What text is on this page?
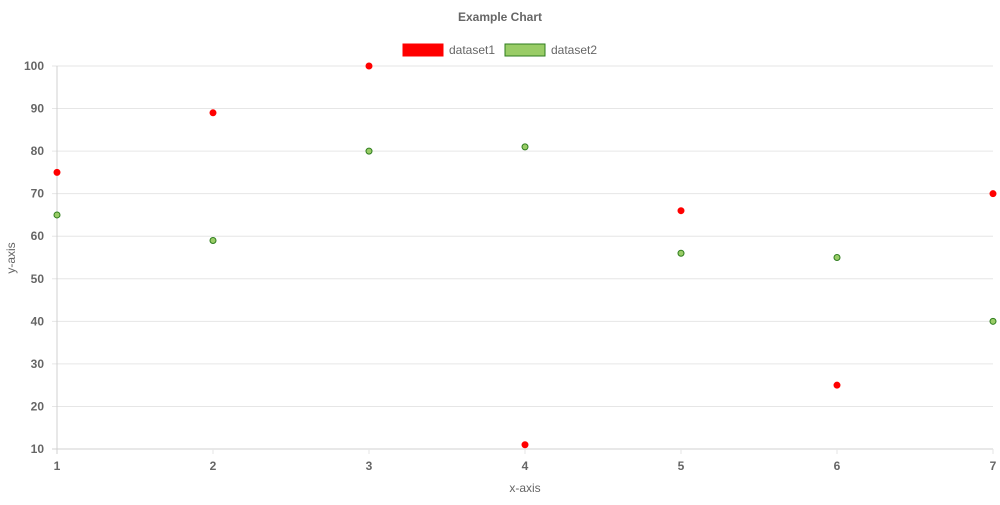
Example Chart
dataset1	dataset2
10
20
30
40
50
60
70
80
90
100
1	2	3	4	5	6	7
y-axis
x-axis
